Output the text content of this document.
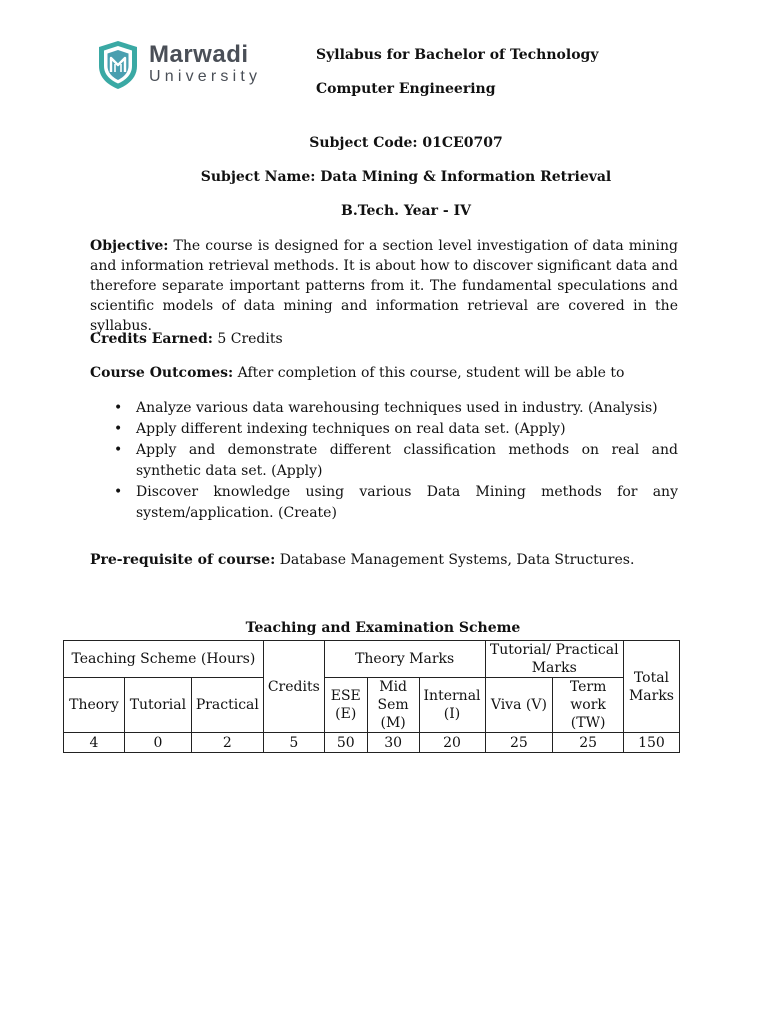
Marwadi
University
Syllabus for Bachelor of Technology
Computer Engineering
Subject Code: 01CE0707
Subject Name: Data Mining & Information Retrieval
B.Tech. Year - IV
Objective: The course is designed for a section level investigation of data mining and information retrieval methods. It is about how to discover significant data and therefore separate important patterns from it. The fundamental speculations and scientific models of data mining and information retrieval are covered in the syllabus.
Credits Earned: 5 Credits
Course Outcomes: After completion of this course, student will be able to
• Analyze various data warehousing techniques used in industry. (Analysis)
• Apply different indexing techniques on real data set. (Apply)
• Apply and demonstrate different classification methods on real and synthetic data set. (Apply)
• Discover knowledge using various Data Mining methods for any system/application. (Create)
Pre-requisite of course: Database Management Systems, Data Structures.
Teaching and Examination Scheme
Teaching Scheme (Hours)			Credits	Theory Marks			Tutorial/ Practical Marks		Total Marks
Theory	Tutorial	Practical		ESE (E)	Mid Sem (M)	Internal (I)	Viva (V)	Term work (TW)	
4	0	2	5	50	30	20	25	25	150
